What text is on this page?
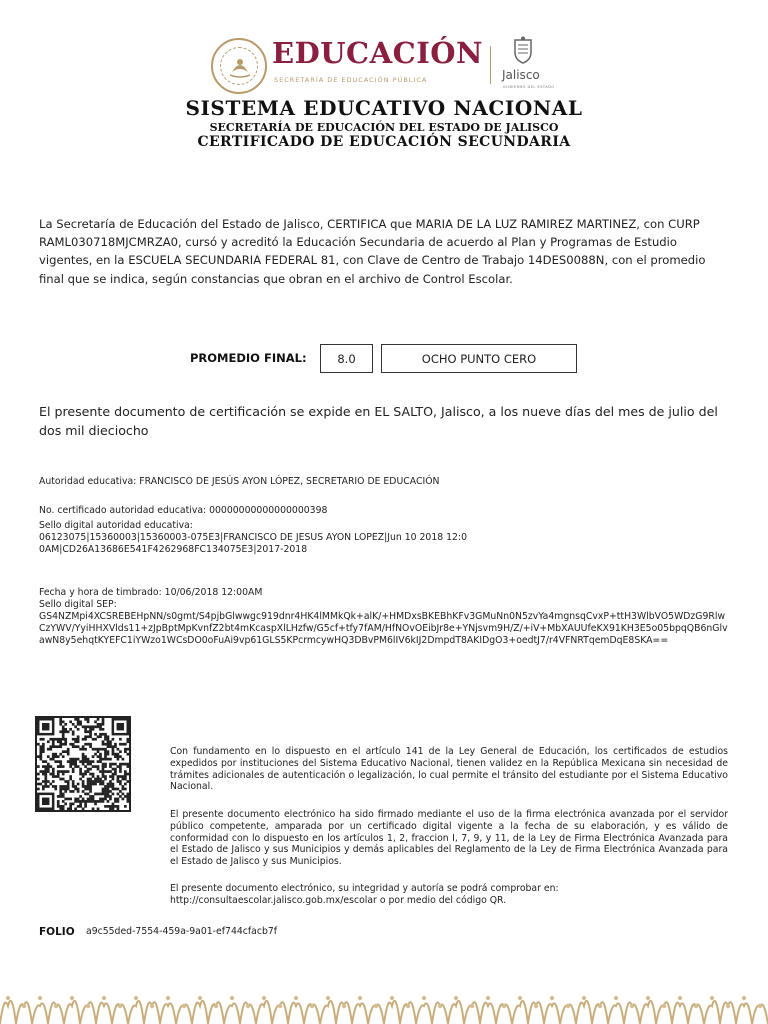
EDUCACIÓN
SECRETARÍA DE EDUCACIÓN PÚBLICA	Jalisco
GOBIERNO DEL ESTADO
SISTEMA EDUCATIVO NACIONAL
SECRETARÍA DE EDUCACIÓN DEL ESTADO DE JALISCO
CERTIFICADO DE EDUCACIÓN SECUNDARIA
La Secretaría de Educación del Estado de Jalisco, CERTIFICA que MARIA DE LA LUZ RAMIREZ MARTINEZ, con CURP RAML030718MJCMRZA0, cursó y acreditó la Educación Secundaria de acuerdo al Plan y Programas de Estudio vigentes, en la ESCUELA SECUNDARIA FEDERAL 81, con Clave de Centro de Trabajo 14DES0088N, con el promedio final que se indica, según constancias que obran en el archivo de Control Escolar.
PROMEDIO FINAL:	8.0	OCHO PUNTO CERO
El presente documento de certificación se expide en EL SALTO, Jalisco, a los nueve días del mes de julio del dos mil dieciocho
Autoridad educativa: FRANCISCO DE JESÚS AYON LÓPEZ, SECRETARIO DE EDUCACIÓN
No. certificado autoridad educativa: 00000000000000000398
Sello digital autoridad educativa:
06123075|15360003|15360003-075E3|FRANCISCO DE JESUS AYON LOPEZ|Jun 10 2018 12:00AM|CD26A13686E541F4262968FC134075E3|2017-2018
Fecha y hora de timbrado: 10/06/2018 12:00AM
Sello digital SEP:
GS4NZMpi4XCSREBEHpNN/s0gmt/S4pjbGlwwgc919dnr4HK4lMMkQk+alK/+HMDxsBKEBhKFv3GMuNn0N5zvYa4mgnsqCvxP+ttH3WlbVO5WDzG9RlwCzYWV/YyiHHXVlds11+zJpBptMpKvnfZ2bt4mKcaspXlLHzfw/G5cf+tfy7fAM/HfNOvOEibJr8e+YNjsvm9H/Z/+iV+MbXAUUfeKX91KH3E5o05bpqQB6nGlvawN8y5ehqtKYEFC1iYWzo1WCsDO0oFuAi9vp61GLS5KPcrmcywHQ3DBvPM6lIV6kIJ2DmpdT8AKIDgO3+oedtJ7/r4VFNRTqemDqE8SKA==
Con fundamento en lo dispuesto en el artículo 141 de la Ley General de Educación, los certificados de estudios expedidos por instituciones del Sistema Educativo Nacional, tienen validez en la República Mexicana sin necesidad de trámites adicionales de autenticación o legalización, lo cual permite el tránsito del estudiante por el Sistema Educativo Nacional.
El presente documento electrónico ha sido firmado mediante el uso de la firma electrónica avanzada por el servidor público competente, amparada por un certificado digital vigente a la fecha de su elaboración, y es válido de conformidad con lo dispuesto en los artículos 1, 2, fraccion I, 7, 9, y 11, de la Ley de Firma Electrónica Avanzada para el Estado de Jalisco y sus Municipios y demás aplicables del Reglamento de la Ley de Firma Electrónica Avanzada para el Estado de Jalisco y sus Municipios.
El presente documento electrónico, su integridad y autoría se podrá comprobar en:
http://consultaescolar.jalisco.gob.mx/escolar o por medio del código QR.
FOLIO a9c55ded-7554-459a-9a01-ef744cfacb7f
